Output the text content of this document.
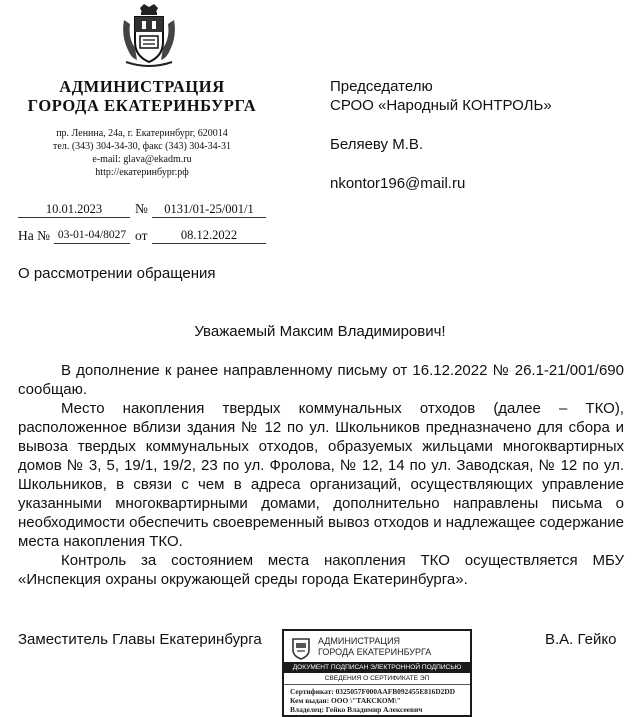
АДМИНИСТРАЦИЯ
ГОРОДА ЕКАТЕРИНБУРГА
пр. Ленина, 24а, г. Екатеринбург, 620014
тел. (343) 304-34-30, факс (343) 304-34-31
e-mail: glava@ekadm.ru
http://екатеринбург.рф
10.01.2023	№	0131/01-25/001/1
На № 03-01-04/8027 от	08.12.2022
Председателю
СРОО «Народный КОНТРОЛЬ»
Беляеву М.В.
nkontor196@mail.ru
О рассмотрении обращения
Уважаемый Максим Владимирович!

В дополнение к ранее направленному письму от 16.12.2022 № 26.1-21/001/690 сообщаю.

Место накопления твердых коммунальных отходов (далее – ТКО), расположенное вблизи здания № 12 по ул. Школьников предназначено для сбора и вывоза твердых коммунальных отходов, образуемых жильцами многоквартирных домов № 3, 5, 19/1, 19/2, 23 по ул. Фролова, № 12, 14 по ул. Заводская, № 12 по ул. Школьников, в связи с чем в адреса организаций, осуществляющих управление указанными многоквартирными домами, дополнительно направлены письма о необходимости обеспечить своевременный вывоз отходов и надлежащее содержание места накопления ТКО.

Контроль за состоянием места накопления ТКО осуществляется МБУ «Инспекция охраны окружающей среды города Екатеринбурга».

Заместитель Главы Екатеринбурга	В.А. Гейко
АДМИНИСТРАЦИЯ
ГОРОДА ЕКАТЕРИНБУРГА
ДОКУМЕНТ ПОДПИСАН ЭЛЕКТРОННОЙ ПОДПИСЬЮ
СВЕДЕНИЯ О СЕРТИФИКАТЕ ЭП
Сертификат: 0325057F000AAFB092455E816D2DD
Кем выдан: ООО \"ТАКСКОМ\"
Владелец: Гейко Владимир Алексеевич
